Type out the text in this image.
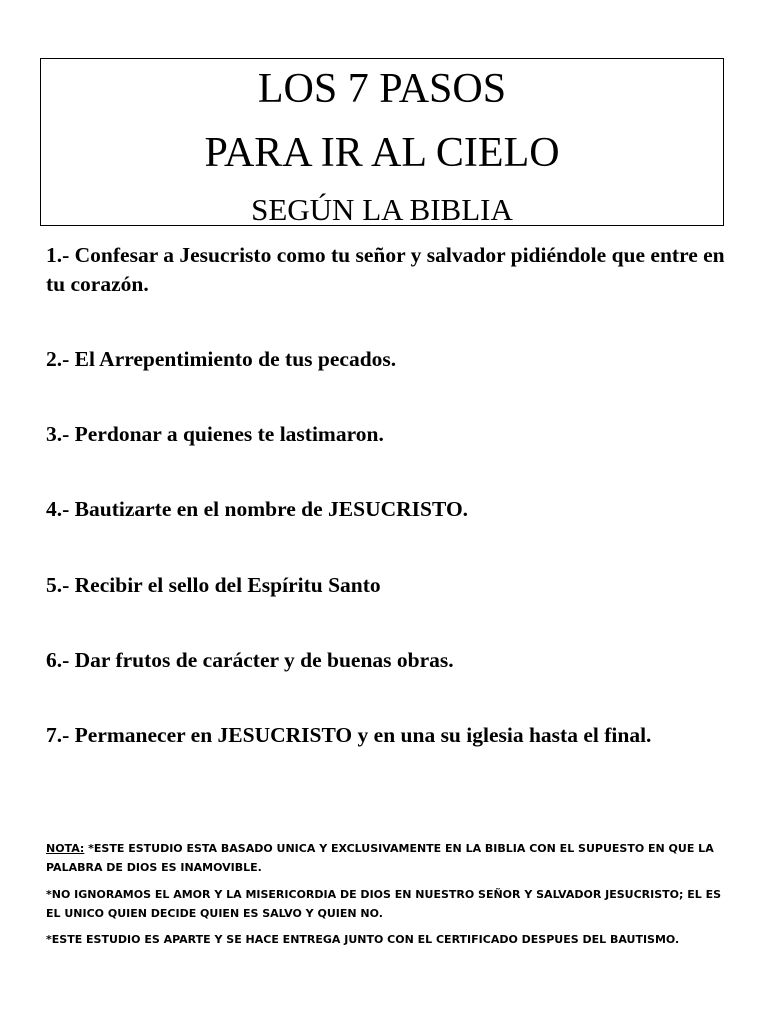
LOS 7 PASOS
PARA IR AL CIELO
SEGÚN LA BIBLIA

1.- Confesar a Jesucristo como tu señor y salvador pidiéndole que entre en tu corazón.

2.- El Arrepentimiento de tus pecados.

3.- Perdonar a quienes te lastimaron.

4.- Bautizarte en el nombre de JESUCRISTO.

5.- Recibir el sello del Espíritu Santo

6.- Dar frutos de carácter y de buenas obras.

7.- Permanecer en JESUCRISTO y en una su iglesia hasta el final.

NOTA: *ESTE ESTUDIO ESTA BASADO UNICA Y EXCLUSIVAMENTE EN LA BIBLIA CON EL SUPUESTO EN QUE LA PALABRA DE DIOS ES INAMOVIBLE.

*NO IGNORAMOS EL AMOR Y LA MISERICORDIA DE DIOS EN NUESTRO SEÑOR Y SALVADOR JESUCRISTO; EL ES EL UNICO QUIEN DECIDE QUIEN ES SALVO Y QUIEN NO.

*ESTE ESTUDIO ES APARTE Y SE HACE ENTREGA JUNTO CON EL CERTIFICADO DESPUES DEL BAUTISMO.
